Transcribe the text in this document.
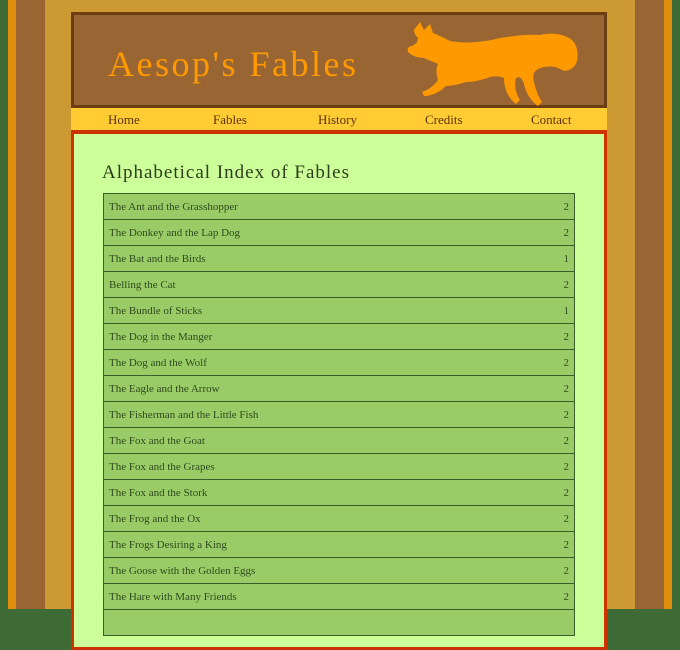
Aesop's Fables
Home	Fables	History	Credits	Contact
Alphabetical Index of Fables
The Ant and the Grasshopper	2
The Donkey and the Lap Dog	2
The Bat and the Birds	1
Belling the Cat	2
The Bundle of Sticks	1
The Dog in the Manger	2
The Dog and the Wolf	2
The Eagle and the Arrow	2
The Fisherman and the Little Fish	2
The Fox and the Goat	2
The Fox and the Grapes	2
The Fox and the Stork	2
The Frog and the Ox	2
The Frogs Desiring a King	2
The Goose with the Golden Eggs	2
The Hare with Many Friends	2
